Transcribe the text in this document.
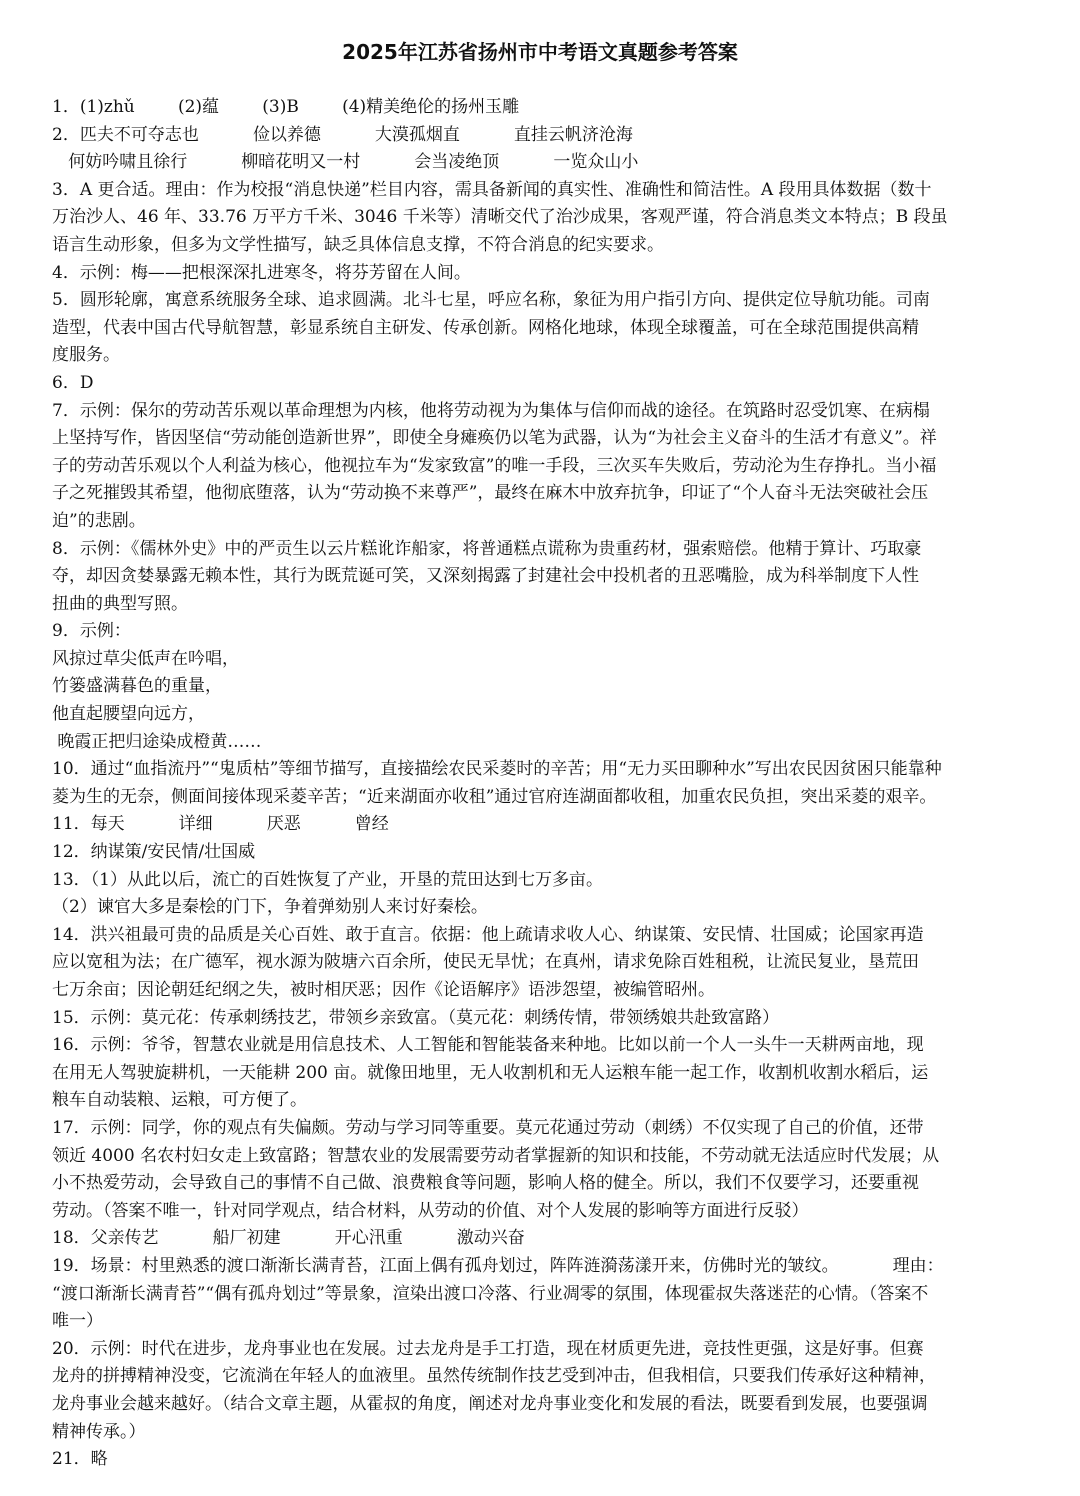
2025年江苏省扬州市中考语文真题参考答案
1．(1)zhǔ        (2)蕴        (3)B        (4)精美绝伦的扬州玉雕
2．匹夫不可夺志也          俭以养德          大漠孤烟直          直挂云帆济沧海
何妨吟啸且徐行          柳暗花明又一村          会当凌绝顶          一览众山小
3．A 更合适。理由：作为校报“消息快递”栏目内容，需具备新闻的真实性、准确性和简洁性。A 段用具体数据（数十
万治沙人、46 年、33.76 万平方千米、3046 千米等）清晰交代了治沙成果，客观严谨，符合消息类文本特点；B 段虽
语言生动形象，但多为文学性描写，缺乏具体信息支撑，不符合消息的纪实要求。
4．示例：梅——把根深深扎进寒冬，将芬芳留在人间。
5．圆形轮廓，寓意系统服务全球、追求圆满。北斗七星，呼应名称，象征为用户指引方向、提供定位导航功能。司南
造型，代表中国古代导航智慧，彰显系统自主研发、传承创新。网格化地球，体现全球覆盖，可在全球范围提供高精
度服务。
6．D
7．示例：保尔的劳动苦乐观以革命理想为内核，他将劳动视为为集体与信仰而战的途径。在筑路时忍受饥寒、在病榻
上坚持写作，皆因坚信“劳动能创造新世界”，即使全身瘫痪仍以笔为武器，认为“为社会主义奋斗的生活才有意义”。祥
子的劳动苦乐观以个人利益为核心，他视拉车为“发家致富”的唯一手段，三次买车失败后，劳动沦为生存挣扎。当小福
子之死摧毁其希望，他彻底堕落，认为“劳动换不来尊严”，最终在麻木中放弃抗争，印证了“个人奋斗无法突破社会压
迫”的悲剧。
8．示例：《儒林外史》中的严贡生以云片糕讹诈船家，将普通糕点谎称为贵重药材，强索赔偿。他精于算计、巧取豪
夺，却因贪婪暴露无赖本性，其行为既荒诞可笑，又深刻揭露了封建社会中投机者的丑恶嘴脸，成为科举制度下人性
扭曲的典型写照。
9．示例：
风掠过草尖低声在吟唱，
竹篓盛满暮色的重量，
他直起腰望向远方，
晚霞正把归途染成橙黄……
10．通过“血指流丹”“鬼质枯”等细节描写，直接描绘农民采菱时的辛苦；用“无力买田聊种水”写出农民因贫困只能靠种
菱为生的无奈，侧面间接体现采菱辛苦；“近来湖面亦收租”通过官府连湖面都收租，加重农民负担，突出采菱的艰辛。
11．每天          详细          厌恶          曾经
12．纳谋策/安民情/壮国威
13．（1）从此以后，流亡的百姓恢复了产业，开垦的荒田达到七万多亩。
（2）谏官大多是秦桧的门下，争着弹劾别人来讨好秦桧。
14．洪兴祖最可贵的品质是关心百姓、敢于直言。依据：他上疏请求收人心、纳谋策、安民情、壮国威；论国家再造
应以宽租为法；在广德军，视水源为陂塘六百余所，使民无旱忧；在真州，请求免除百姓租税，让流民复业，垦荒田
七万余亩；因论朝廷纪纲之失，被时相厌恶；因作《论语解序》语涉怨望，被编管昭州。
15．示例：莫元花：传承刺绣技艺，带领乡亲致富。（莫元花：刺绣传情，带领绣娘共赴致富路）
16．示例：爷爷，智慧农业就是用信息技术、人工智能和智能装备来种地。比如以前一个人一头牛一天耕两亩地，现
在用无人驾驶旋耕机，一天能耕 200 亩。就像田地里，无人收割机和无人运粮车能一起工作，收割机收割水稻后，运
粮车自动装粮、运粮，可方便了。
17．示例：同学，你的观点有失偏颇。劳动与学习同等重要。莫元花通过劳动（刺绣）不仅实现了自己的价值，还带
领近 4000 名农村妇女走上致富路；智慧农业的发展需要劳动者掌握新的知识和技能，不劳动就无法适应时代发展；从
小不热爱劳动，会导致自己的事情不自己做、浪费粮食等问题，影响人格的健全。所以，我们不仅要学习，还要重视
劳动。（答案不唯一，针对同学观点，结合材料，从劳动的价值、对个人发展的影响等方面进行反驳）
18．父亲传艺          船厂初建          开心汛重          激动兴奋
19．场景：村里熟悉的渡口渐渐长满青苔，江面上偶有孤舟划过，阵阵涟漪荡漾开来，仿佛时光的皱纹。          理由：
“渡口渐渐长满青苔”“偶有孤舟划过”等景象，渲染出渡口冷落、行业凋零的氛围，体现霍叔失落迷茫的心情。（答案不
唯一）
20．示例：时代在进步，龙舟事业也在发展。过去龙舟是手工打造，现在材质更先进，竞技性更强，这是好事。但赛
龙舟的拼搏精神没变，它流淌在年轻人的血液里。虽然传统制作技艺受到冲击，但我相信，只要我们传承好这种精神，
龙舟事业会越来越好。（结合文章主题，从霍叔的角度，阐述对龙舟事业变化和发展的看法，既要看到发展，也要强调
精神传承。）
21．略
